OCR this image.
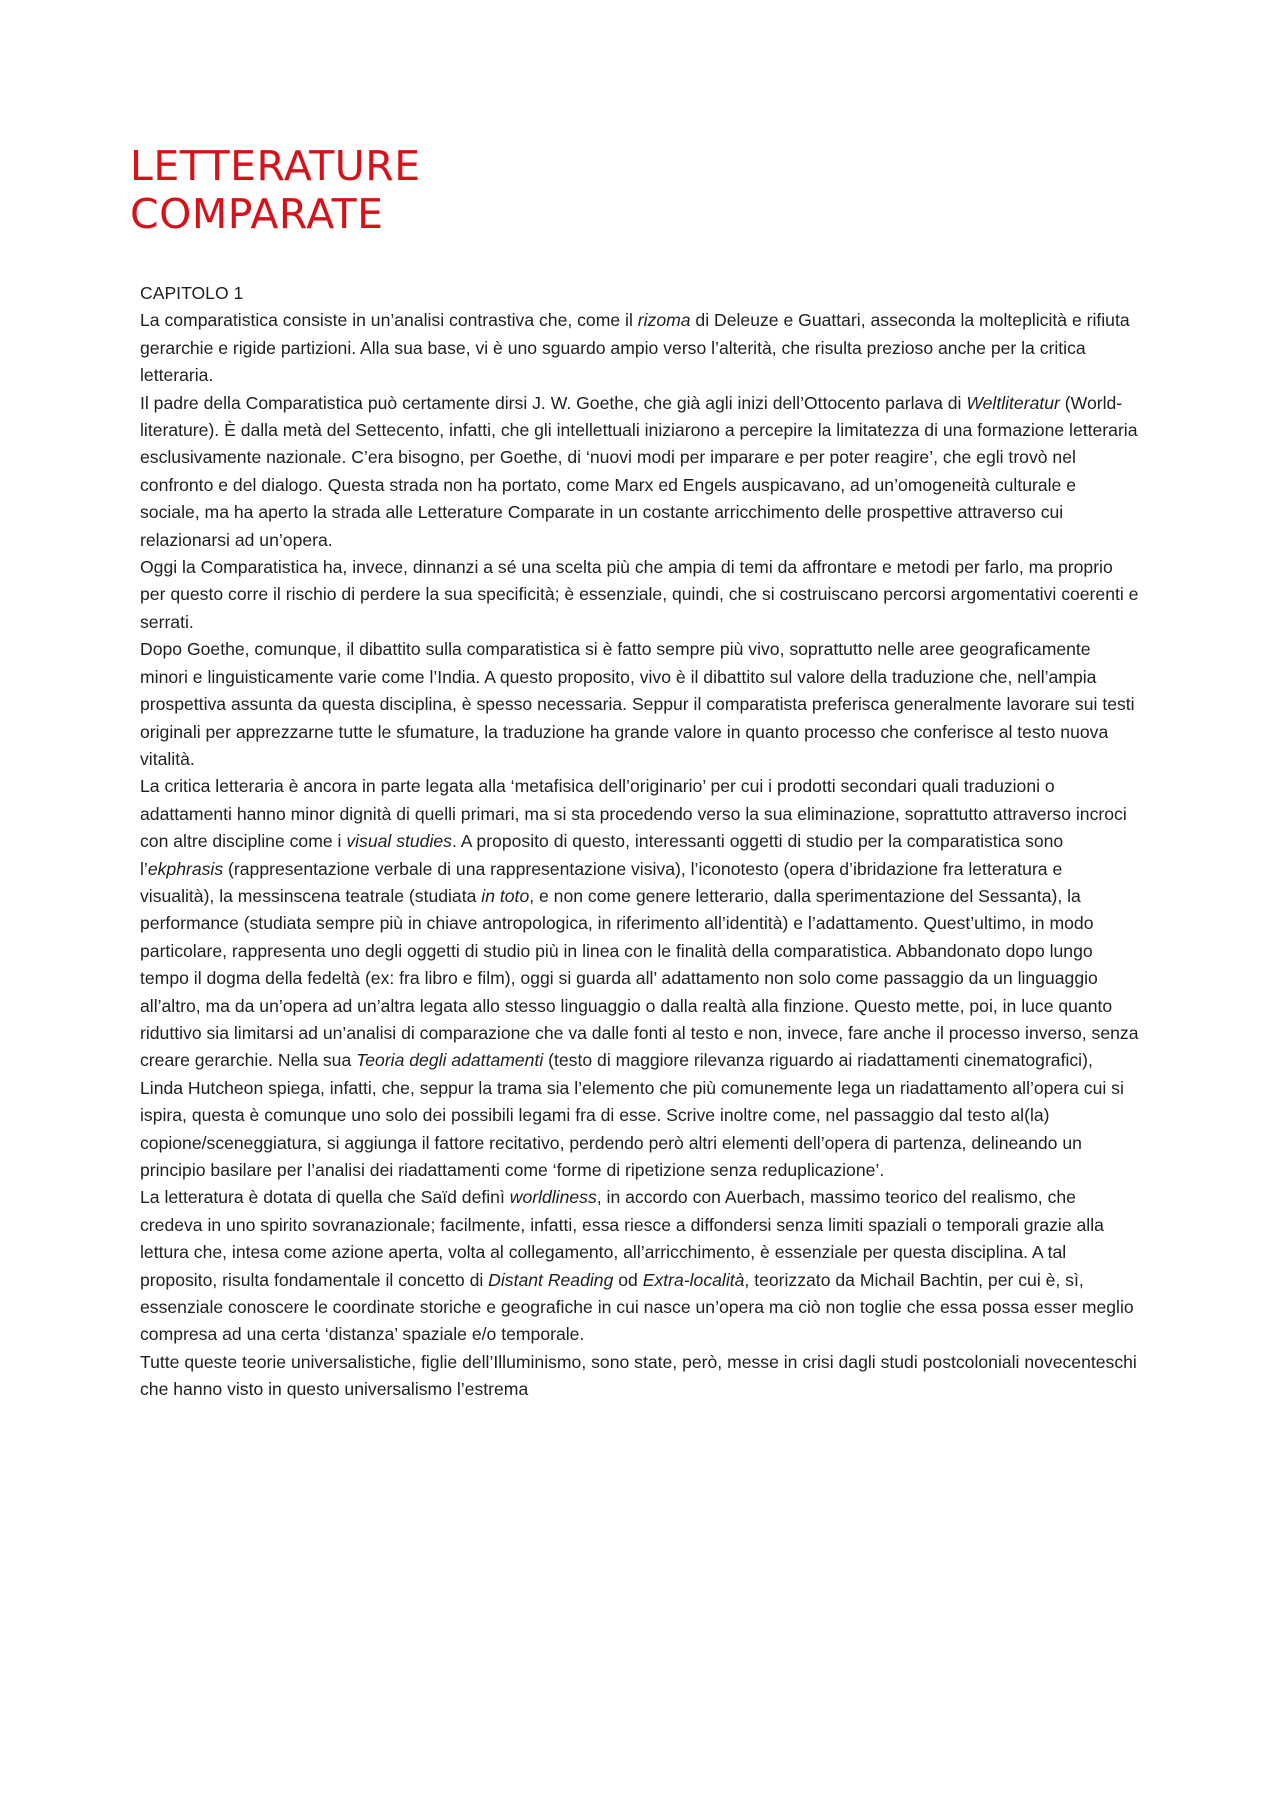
LETTERATURE
COMPARATE

CAPITOLO 1

La comparatistica consiste in un’analisi contrastiva che, come il rizoma di Deleuze e Guattari, asseconda la molteplicità e rifiuta gerarchie e rigide partizioni. Alla sua base, vi è uno sguardo ampio verso l’alterità, che risulta prezioso anche per la critica letteraria.

Il padre della Comparatistica può certamente dirsi J. W. Goethe, che già agli inizi dell’Ottocento parlava di Weltliteratur (World-literature). È dalla metà del Settecento, infatti, che gli intellettuali iniziarono a percepire la limitatezza di una formazione letteraria esclusivamente nazionale. C’era bisogno, per Goethe, di ‘nuovi modi per imparare e per poter reagire’, che egli trovò nel confronto e del dialogo. Questa strada non ha portato, come Marx ed Engels auspicavano, ad un’omogeneità culturale e sociale, ma ha aperto la strada alle Letterature Comparate in un costante arricchimento delle prospettive attraverso cui relazionarsi ad un’opera.

Oggi la Comparatistica ha, invece, dinnanzi a sé una scelta più che ampia di temi da affrontare e metodi per farlo, ma proprio per questo corre il rischio di perdere la sua specificità; è essenziale, quindi, che si costruiscano percorsi argomentativi coerenti e serrati.

Dopo Goethe, comunque, il dibattito sulla comparatistica si è fatto sempre più vivo, soprattutto nelle aree geograficamente minori e linguisticamente varie come l’India. A questo proposito, vivo è il dibattito sul valore della traduzione che, nell’ampia prospettiva assunta da questa disciplina, è spesso necessaria. Seppur il comparatista preferisca generalmente lavorare sui testi originali per apprezzarne tutte le sfumature, la traduzione ha grande valore in quanto processo che conferisce al testo nuova vitalità.

La critica letteraria è ancora in parte legata alla ‘metafisica dell’originario’ per cui i prodotti secondari quali traduzioni o adattamenti hanno minor dignità di quelli primari, ma si sta procedendo verso la sua eliminazione, soprattutto attraverso incroci con altre discipline come i visual studies. A proposito di questo, interessanti oggetti di studio per la comparatistica sono l’ekphrasis (rappresentazione verbale di una rappresentazione visiva), l’iconotesto (opera d’ibridazione fra letteratura e visualità), la messinscena teatrale (studiata in toto, e non come genere letterario, dalla sperimentazione del Sessanta), la performance (studiata sempre più in chiave antropologica, in riferimento all’identità) e l’adattamento. Quest’ultimo, in modo particolare, rappresenta uno degli oggetti di studio più in linea con le finalità della comparatistica. Abbandonato dopo lungo tempo il dogma della fedeltà (ex: fra libro e film), oggi si guarda all’ adattamento non solo come passaggio da un linguaggio all’altro, ma da un’opera ad un’altra legata allo stesso linguaggio o dalla realtà alla finzione. Questo mette, poi, in luce quanto riduttivo sia limitarsi ad un’analisi di comparazione che va dalle fonti al testo e non, invece, fare anche il processo inverso, senza creare gerarchie. Nella sua Teoria degli adattamenti (testo di maggiore rilevanza riguardo ai riadattamenti cinematografici), Linda Hutcheon spiega, infatti, che, seppur la trama sia l’elemento che più comunemente lega un riadattamento all’opera cui si ispira, questa è comunque uno solo dei possibili legami fra di esse. Scrive inoltre come, nel passaggio dal testo al(la) copione/sceneggiatura, si aggiunga il fattore recitativo, perdendo però altri elementi dell’opera di partenza, delineando un principio basilare per l’analisi dei riadattamenti come ‘forme di ripetizione senza reduplicazione’.

La letteratura è dotata di quella che Saïd definì worldliness, in accordo con Auerbach, massimo teorico del realismo, che credeva in uno spirito sovranazionale; facilmente, infatti, essa riesce a diffondersi senza limiti spaziali o temporali grazie alla lettura che, intesa come azione aperta, volta al collegamento, all’arricchimento, è essenziale per questa disciplina. A tal proposito, risulta fondamentale il concetto di Distant Reading od Extra-località, teorizzato da Michail Bachtin, per cui è, sì, essenziale conoscere le coordinate storiche e geografiche in cui nasce un’opera ma ciò non toglie che essa possa esser meglio compresa ad una certa ‘distanza’ spaziale e/o temporale.

Tutte queste teorie universalistiche, figlie dell’Illuminismo, sono state, però, messe in crisi dagli studi postcoloniali novecenteschi che hanno visto in questo universalismo l’estrema
